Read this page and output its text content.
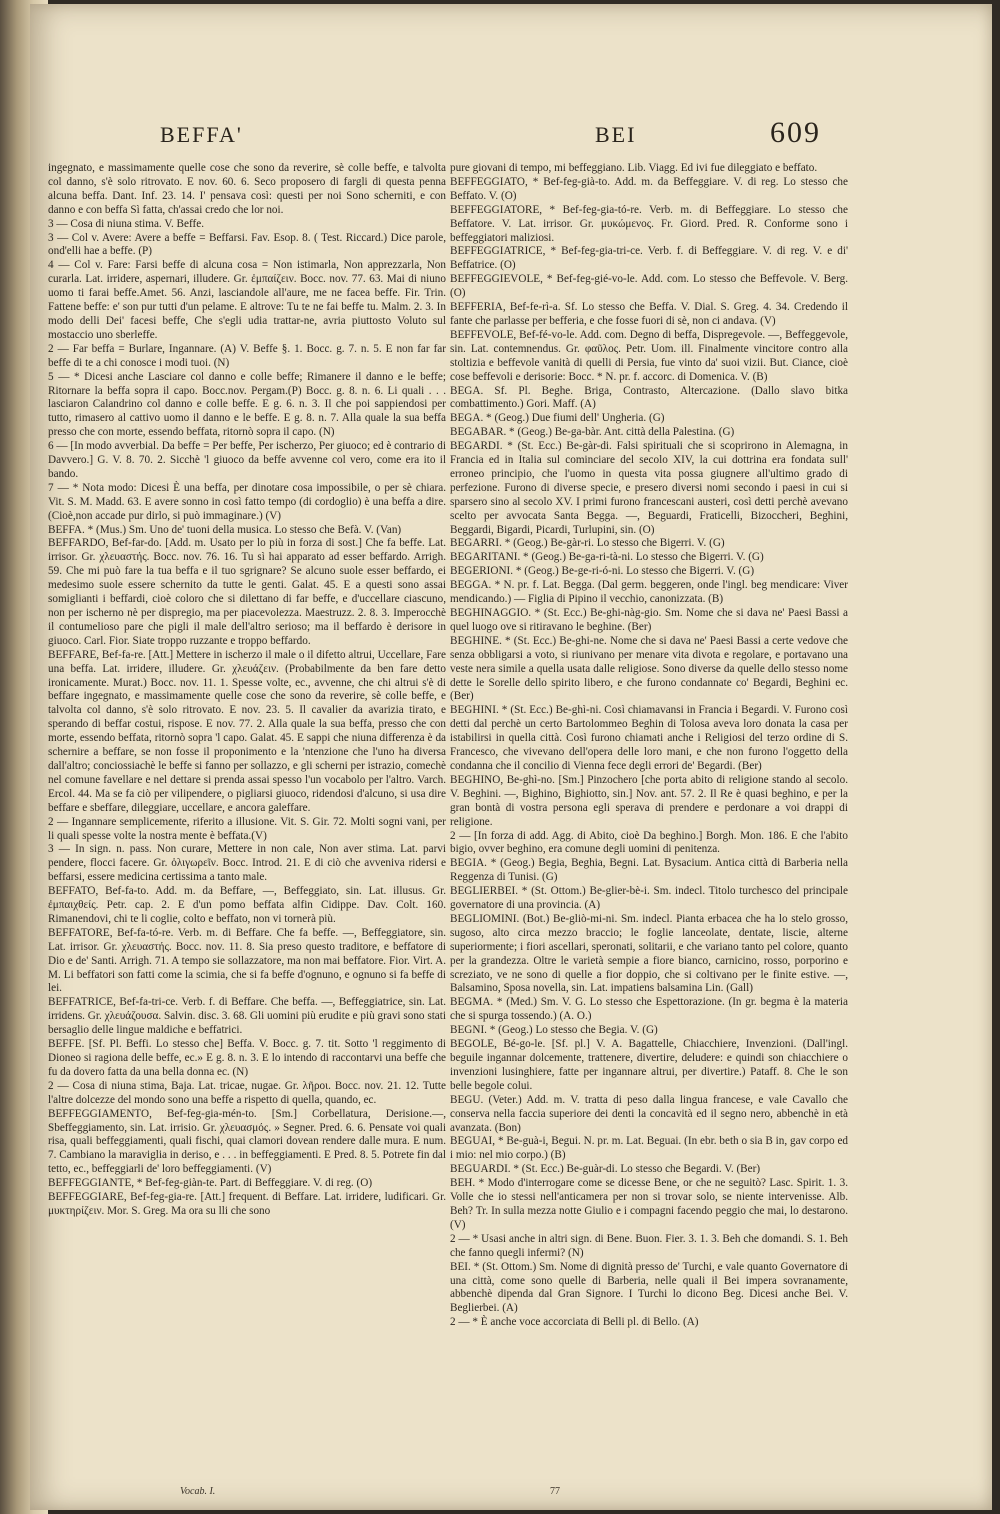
BEFFA'	BEI	609

ingegnato, e massimamente quelle cose che sono da reverire, sè colle beffe, e talvolta col danno, s'è solo ritrovato. E nov. 60. 6. Seco proposero di fargli di questa penna alcuna beffa. Dant. Inf. 23. 14. I' pensava così: questi per noi Sono scherniti, e con danno e con beffa Sì fatta, ch'assai credo che lor noi.

3 — Cosa di niuna stima. V. Beffe.

3 — Col v. Avere: Avere a beffe = Beffarsi. Fav. Esop. 8. ( Test. Riccard.) Dice parole, ond'elli hae a beffe. (P)

4 — Col v. Fare: Farsi beffe di alcuna cosa = Non istimarla, Non apprezzarla, Non curarla. Lat. irridere, aspernari, illudere. Gr. ἐμπαίζειν. Bocc. nov. 77. 63. Mai di niuno uomo ti farai beffe.Amet. 56. Anzi, lasciandole all'aure, me ne facea beffe. Fir. Trin. Fattene beffe: e' son pur tutti d'un pelame. E altrove: Tu te ne fai beffe tu. Malm. 2. 3. In modo delli Dei' facesi beffe, Che s'egli udia trattar-ne, avria piuttosto Voluto sul mostaccio uno sberleffe.

2 — Far beffa = Burlare, Ingannare. (A) V. Beffe §. 1. Bocc. g. 7. n. 5. E non far far beffe di te a chi conosce i modi tuoi. (N)

5 — * Dicesi anche Lasciare col danno e colle beffe; Rimanere il danno e le beffe; Ritornare la beffa sopra il capo. Bocc.nov. Pergam.(P) Bocc. g. 8. n. 6. Li quali . . . lasciaron Calandrino col danno e colle beffe. E g. 6. n. 3. Il che poi sappiendosi per tutto, rimasero al cattivo uomo il danno e le beffe. E g. 8. n. 7. Alla quale la sua beffa presso che con morte, essendo beffata, ritornò sopra il capo. (N)

6 — [In modo avverbial. Da beffe = Per beffe, Per ischerzo, Per giuoco; ed è contrario di Davvero.] G. V. 8. 70. 2. Sicchè 'l giuoco da beffe avvenne col vero, come era ito il bando.

7 — * Nota modo: Dicesi È una beffa, per dinotare cosa impossibile, o per sè chiara. Vit. S. M. Madd. 63. E avere sonno in così fatto tempo (di cordoglio) è una beffa a dire.(Cioè,non accade pur dirlo, si può immaginare.) (V)

BEFFA. * (Mus.) Sm. Uno de' tuoni della musica. Lo stesso che Befà. V. (Van)

BEFFARDO, Bef-far-do. [Add. m. Usato per lo più in forza di sost.] Che fa beffe. Lat. irrisor. Gr. χλευαστής. Bocc. nov. 76. 16. Tu sì hai apparato ad esser beffardo. Arrigh. 59. Che mi può fare la tua beffa e il tuo sgrignare? Se alcuno suole esser beffardo, ei medesimo suole essere schernito da tutte le genti. Galat. 45. E a questi sono assai somiglianti i beffardi, cioè coloro che si dilettano di far beffe, e d'uccellare ciascuno, non per ischerno nè per dispregio, ma per piacevolezza. Maestruzz. 2. 8. 3. Imperocchè il contumelioso pare che pigli il male dell'altro serioso; ma il beffardo è derisore in giuoco. Carl. Fior. Siate troppo ruzzante e troppo beffardo.

BEFFARE, Bef-fa-re. [Att.] Mettere in ischerzo il male o il difetto altrui, Uccellare, Fare una beffa. Lat. irridere, illudere. Gr. χλευάζειν. (Probabilmente da ben fare detto ironicamente. Murat.) Bocc. nov. 11. 1. Spesse volte, ec., avvenne, che chi altrui s'è di beffare ingegnato, e massimamente quelle cose che sono da reverire, sè colle beffe, e talvolta col danno, s'è solo ritrovato. E nov. 23. 5. Il cavalier da avarizia tirato, e sperando di beffar costui, rispose. E nov. 77. 2. Alla quale la sua beffa, presso che con morte, essendo beffata, ritornò sopra 'l capo. Galat. 45. E sappi che niuna differenza è da schernire a beffare, se non fosse il proponimento e la 'ntenzione che l'uno ha diversa dall'altro; conciossiachè le beffe si fanno per sollazzo, e gli scherni per istrazio, comechè nel comune favellare e nel dettare si prenda assai spesso l'un vocabolo per l'altro. Varch. Ercol. 44. Ma se fa ciò per vilipendere, o pigliarsi giuoco, ridendosi d'alcuno, si usa dire beffare e sbeffare, dileggiare, uccellare, e ancora galeffare.

2 — Ingannare semplicemente, riferito a illusione. Vit. S. Gir. 72. Molti sogni vani, per li quali spesse volte la nostra mente è beffata.(V)

3 — In sign. n. pass. Non curare, Mettere in non cale, Non aver stima. Lat. parvi pendere, flocci facere. Gr. ὀλιγωρεῖν. Bocc. Introd. 21. E di ciò che avveniva ridersi e beffarsi, essere medicina certissima a tanto male.

BEFFATO, Bef-fa-to. Add. m. da Beffare, —, Beffeggiato, sin. Lat. illusus. Gr. ἐμπαιχθείς. Petr. cap. 2. E d'un pomo beffata alfin Cidippe. Dav. Colt. 160. Rimanendovi, chi te li coglie, colto e beffato, non vi tornerà più.

BEFFATORE, Bef-fa-tó-re. Verb. m. di Beffare. Che fa beffe. —, Beffeggiatore, sin. Lat. irrisor. Gr. χλευαστής. Bocc. nov. 11. 8. Sia preso questo traditore, e beffatore di Dio e de' Santi. Arrigh. 71. A tempo sie sollazzatore, ma non mai beffatore. Fior. Virt. A. M. Li beffatori son fatti come la scimia, che si fa beffe d'ognuno, e ognuno si fa beffe di lei.

BEFFATRICE, Bef-fa-tri-ce. Verb. f. di Beffare. Che beffa. —, Beffeggiatrice, sin. Lat. irridens. Gr. χλευάζουσα. Salvin. disc. 3. 68. Gli uomini più erudite e più gravi sono stati bersaglio delle lingue maldiche e beffatrici.

BEFFE. [Sf. Pl. Beffi. Lo stesso che] Beffa. V. Bocc. g. 7. tit. Sotto 'l reggimento di Dioneo si ragiona delle beffe, ec.» E g. 8. n. 3. E lo intendo di raccontarvi una beffe che fu da dovero fatta da una bella donna ec. (N)

2 — Cosa di niuna stima, Baja. Lat. tricae, nugae. Gr. λῆροι. Bocc. nov. 21. 12. Tutte l'altre dolcezze del mondo sono una beffe a rispetto di quella, quando, ec.

BEFFEGGIAMENTO, Bef-feg-gia-mén-to. [Sm.] Corbellatura, Derisione.—, Sbeffeggiamento, sin. Lat. irrisio. Gr. χλευασμός. » Segner. Pred. 6. 6. Pensate voi quali risa, quali beffeggiamenti, quali fischi, quai clamori dovean rendere dalle mura. E num. 7. Cambiano la maraviglia in deriso, e . . . in beffeggiamenti. E Pred. 8. 5. Potrete fin dal tetto, ec., beffeggiarli de' loro beffeggiamenti. (V)

BEFFEGGIANTE, * Bef-feg-giàn-te. Part. di Beffeggiare. V. di reg. (O)

BEFFEGGIARE, Bef-feg-gia-re. [Att.] frequent. di Beffare. Lat. irridere, ludificari. Gr. μυκτηρίζειν. Mor. S. Greg. Ma ora su lli che sono

pure giovani di tempo, mi beffeggiano. Lib. Viagg. Ed ivi fue dileggiato e beffato.

BEFFEGGIATO, * Bef-feg-già-to. Add. m. da Beffeggiare. V. di reg. Lo stesso che Beffato. V. (O)

BEFFEGGIATORE, * Bef-feg-gia-tó-re. Verb. m. di Beffeggiare. Lo stesso che Beffatore. V. Lat. irrisor. Gr. μυκώμενος. Fr. Giord. Pred. R. Conforme sono i beffeggiatori maliziosi.

BEFFEGGIATRICE, * Bef-feg-gia-tri-ce. Verb. f. di Beffeggiare. V. di reg. V. e di' Beffatrice. (O)

BEFFEGGIEVOLE, * Bef-feg-gié-vo-le. Add. com. Lo stesso che Beffevole. V. Berg. (O)

BEFFERIA, Bef-fe-rì-a. Sf. Lo stesso che Beffa. V. Dial. S. Greg. 4. 34. Credendo il fante che parlasse per befferia, e che fosse fuori di sè, non ci andava. (V)

BEFFEVOLE, Bef-fé-vo-le. Add. com. Degno di beffa, Dispregevole. —, Beffeggevole, sin. Lat. contemnendus. Gr. φαῦλος. Petr. Uom. ill. Finalmente vincitore contro alla stoltizia e beffevole vanità di quelli di Persia, fue vinto da' suoi vizii. But. Ciance, cioè cose beffevoli e derisorie: Bocc. * N. pr. f. accorc. di Domenica. V. (B)

BEGA. Sf. Pl. Beghe. Briga, Contrasto, Altercazione. (Dallo slavo bitka combattimento.) Gori. Maff. (A)

BEGA. * (Geog.) Due fiumi dell' Ungheria. (G)

BEGABAR. * (Geog.) Be-ga-bàr. Ant. città della Palestina. (G)

BEGARDI. * (St. Ecc.) Be-gàr-di. Falsi spirituali che si scoprirono in Alemagna, in Francia ed in Italia sul cominciare del secolo XIV, la cui dottrina era fondata sull' erroneo principio, che l'uomo in questa vita possa giugnere all'ultimo grado di perfezione. Furono di diverse specie, e presero diversi nomi secondo i paesi in cui si sparsero sino al secolo XV. I primi furono francescani austeri, così detti perchè avevano scelto per avvocata Santa Begga. —, Beguardi, Fraticelli, Bizoccheri, Beghini, Beggardi, Bigardi, Picardi, Turlupini, sin. (O)

BEGARRI. * (Geog.) Be-gàr-ri. Lo stesso che Bigerri. V. (G)

BEGARITANI. * (Geog.) Be-ga-ri-tà-ni. Lo stesso che Bigerri. V. (G)

BEGERIONI. * (Geog.) Be-ge-ri-ó-ni. Lo stesso che Bigerri. V. (G)

BEGGA. * N. pr. f. Lat. Begga. (Dal germ. beggeren, onde l'ingl. beg mendicare: Viver mendicando.) — Figlia di Pipino il vecchio, canonizzata. (B)

BEGHINAGGIO. * (St. Ecc.) Be-ghi-nàg-gio. Sm. Nome che si dava ne' Paesi Bassi a quel luogo ove si ritiravano le beghine. (Ber)

BEGHINE. * (St. Ecc.) Be-ghi-ne. Nome che si dava ne' Paesi Bassi a certe vedove che senza obbligarsi a voto, si riunivano per menare vita divota e regolare, e portavano una veste nera simile a quella usata dalle religiose. Sono diverse da quelle dello stesso nome dette le Sorelle dello spirito libero, e che furono condannate co' Begardi, Beghini ec. (Ber)

BEGHINI. * (St. Ecc.) Be-ghì-ni. Così chiamavansi in Francia i Begardi. V. Furono così detti dal perchè un certo Bartolommeo Beghin di Tolosa aveva loro donata la casa per istabilirsi in quella città. Così furono chiamati anche i Religiosi del terzo ordine di S. Francesco, che vivevano dell'opera delle loro mani, e che non furono l'oggetto della condanna che il concilio di Vienna fece degli errori de' Begardi. (Ber)

BEGHINO, Be-ghì-no. [Sm.] Pinzochero [che porta abito di religione stando al secolo. V. Beghini. —, Bighino, Bighiotto, sin.] Nov. ant. 57. 2. Il Re è quasi beghino, e per la gran bontà di vostra persona egli sperava di prendere e perdonare a voi drappi di religione.

2 — [In forza di add. Agg. di Abito, cioè Da beghino.] Borgh. Mon. 186. E che l'abito bigio, ovver beghino, era comune degli uomini di penitenza.

BEGIA. * (Geog.) Begia, Beghia, Begni. Lat. Bysacium. Antica città di Barberia nella Reggenza di Tunisi. (G)

BEGLIERBEI. * (St. Ottom.) Be-glier-bè-i. Sm. indecl. Titolo turchesco del principale governatore di una provincia. (A)

BEGLIOMINI. (Bot.) Be-gliò-mi-ni. Sm. indecl. Pianta erbacea che ha lo stelo grosso, sugoso, alto circa mezzo braccio; le foglie lanceolate, dentate, liscie, alterne superiormente; i fiori ascellari, speronati, solitarii, e che variano tanto pel colore, quanto per la grandezza. Oltre le varietà sempie a fiore bianco, carnicino, rosso, porporino e screziato, ve ne sono di quelle a fior doppio, che si coltivano per le finite estive. —, Balsamino, Sposa novella, sin. Lat. impatiens balsamina Lin. (Gall)

BEGMA. * (Med.) Sm. V. G. Lo stesso che Espettorazione. (In gr. begma è la materia che si spurga tossendo.) (A. O.)

BEGNI. * (Geog.) Lo stesso che Begia. V. (G)

BEGOLE, Bé-go-le. [Sf. pl.] V. A. Bagattelle, Chiacchiere, Invenzioni. (Dall'ingl. beguile ingannar dolcemente, trattenere, divertire, deludere: e quindi son chiacchiere o invenzioni lusinghiere, fatte per ingannare altrui, per divertire.) Pataff. 8. Che le son belle begole colui.

BEGU. (Veter.) Add. m. V. tratta di peso dalla lingua francese, e vale Cavallo che conserva nella faccia superiore dei denti la concavità ed il segno nero, abbenchè in età avanzata. (Bon)

BEGUAI, * Be-guà-i, Begui. N. pr. m. Lat. Beguai. (In ebr. beth o sia B in, gav corpo ed i mio: nel mio corpo.) (B)

BEGUARDI. * (St. Ecc.) Be-guàr-di. Lo stesso che Begardi. V. (Ber)

BEH. * Modo d'interrogare come se dicesse Bene, or che ne seguitò? Lasc. Spirit. 1. 3. Volle che io stessi nell'anticamera per non si trovar solo, se niente intervenisse. Alb. Beh? Tr. In sulla mezza notte Giulio e i compagni facendo peggio che mai, lo destarono. (V)

2 — * Usasi anche in altri sign. di Bene. Buon. Fier. 3. 1. 3. Beh che domandi. S. 1. Beh che fanno quegli infermi? (N)

BEI. * (St. Ottom.) Sm. Nome di dignità presso de' Turchi, e vale quanto Governatore di una città, come sono quelle di Barberia, nelle quali il Bei impera sovranamente, abbenchè dipenda dal Gran Signore. I Turchi lo dicono Beg. Dicesi anche Bei. V. Beglierbei. (A)

2 — * È anche voce accorciata di Belli pl. di Bello. (A)

Vocab. I.	77
